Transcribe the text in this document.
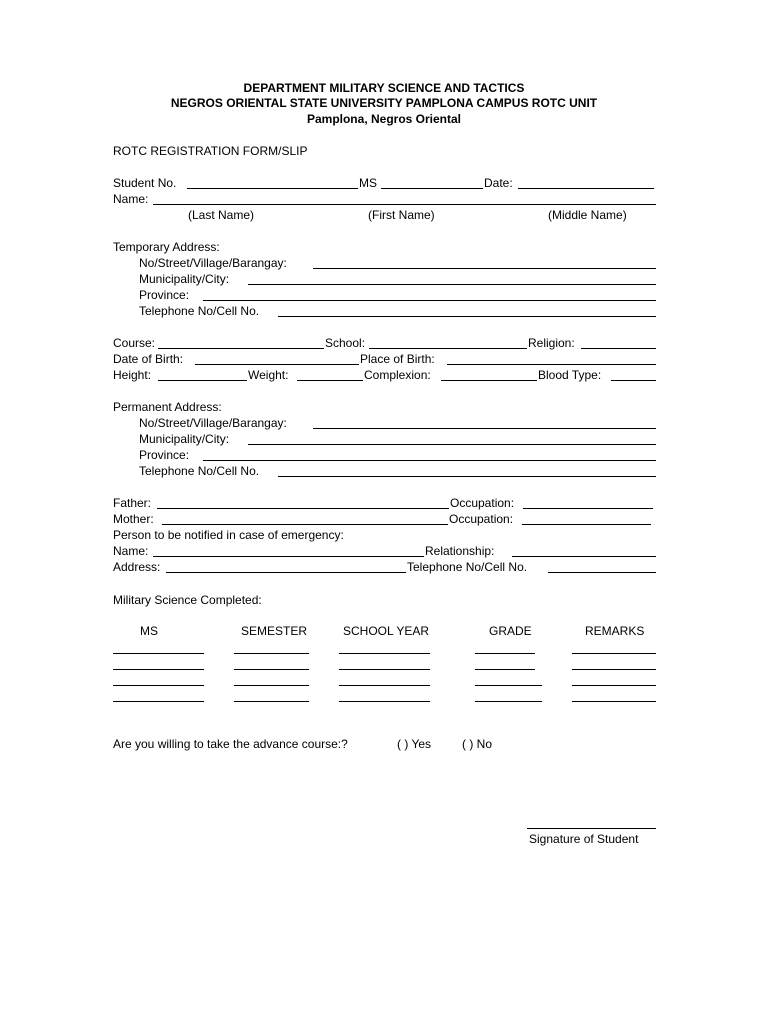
DEPARTMENT MILITARY SCIENCE AND TACTICS
NEGROS ORIENTAL STATE UNIVERSITY PAMPLONA CAMPUS ROTC UNIT
Pamplona, Negros Oriental
ROTC REGISTRATION FORM/SLIP
Student No.	MS	Date:
Name:
(Last Name)	(First Name)	(Middle Name)
Temporary Address:
No/Street/Village/Barangay:
Municipality/City:
Province:
Telephone No/Cell No.
Course:	School:	Religion:
Date of Birth:	Place of Birth:
Height:	Weight:	Complexion:	Blood Type:
Permanent Address:
No/Street/Village/Barangay:
Municipality/City:
Province:
Telephone No/Cell No.
Father:	Occupation:
Mother:	Occupation:
Person to be notified in case of emergency:
Name:	Relationship:
Address:	Telephone No/Cell No.
Military Science Completed:
MS	SEMESTER	SCHOOL YEAR	GRADE	REMARKS
Are you willing to take the advance course:?	( ) Yes	( ) No
Signature of Student
